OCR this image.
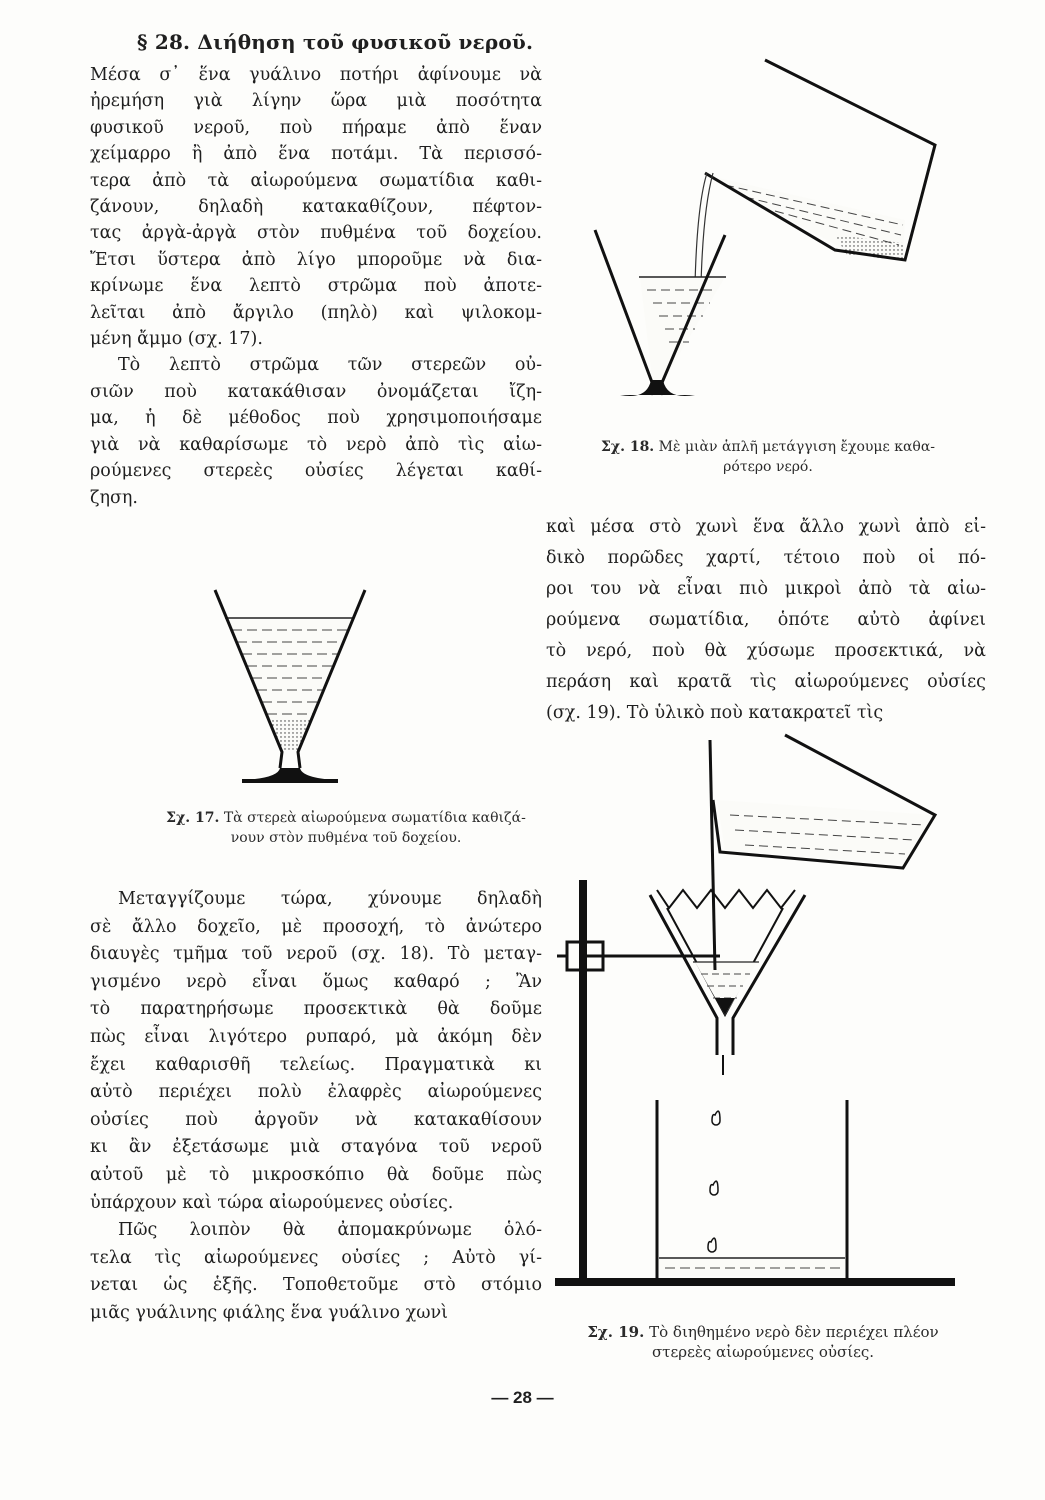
§ 28. Διήθηση τοῦ φυσικοῦ νεροῦ.
Μέσα σ᾽ ἕνα γυάλινο ποτήρι ἀφίνουμε νὰ
ἠρεμήση γιὰ λίγην ὥρα μιὰ ποσότητα
φυσικοῦ νεροῦ, ποὺ πήραμε ἀπὸ ἕναν
χείμαρρο ἢ ἀπὸ ἕνα ποτάμι. Τὰ περισσό-
τερα ἀπὸ τὰ αἰωρούμενα σωματίδια καθι-
ζάνουν, δηλαδὴ κατακαθίζουν, πέφτον-
τας ἀργὰ-ἀργὰ στὸν πυθμένα τοῦ δοχείου.
Ἔτσι ὕστερα ἀπὸ λίγο μποροῦμε νὰ δια-
κρίνωμε ἕνα λεπτὸ στρῶμα ποὺ ἀποτε-
λεῖται ἀπὸ ἄργιλο (πηλὸ) καὶ ψιλοκομ-
μένη ἄμμο (σχ. 17).
Τὸ λεπτὸ στρῶμα τῶν στερεῶν οὐ-
σιῶν ποὺ κατακάθισαν ὀνομάζεται ἴζη-
μα, ἡ δὲ μέθοδος ποὺ χρησιμοποιήσαμε
γιὰ νὰ καθαρίσωμε τὸ νερὸ ἀπὸ τὶς αἰω-
ρούμενες στερεὲς οὐσίες λέγεται καθί-
ζηση.
Σχ. 17. Τὰ στερεὰ αἰωρούμενα σωματίδια καθιζά-
νουν στὸν πυθμένα τοῦ δοχείου.
Μεταγγίζουμε τώρα, χύνουμε δηλαδὴ
σὲ ἄλλο δοχεῖο, μὲ προσοχή, τὸ ἀνώτερο
διαυγὲς τμῆμα τοῦ νεροῦ (σχ. 18). Τὸ μεταγ-
γισμένο νερὸ εἶναι ὅμως καθαρό ; Ἂν
τὸ παρατηρήσωμε προσεκτικὰ θὰ δοῦμε
πὼς εἶναι λιγότερο ρυπαρό, μὰ ἀκόμη δὲν
ἔχει καθαρισθῆ τελείως. Πραγματικὰ κι
αὐτὸ περιέχει πολὺ ἐλαφρὲς αἰωρούμενες
οὐσίες ποὺ ἀργοῦν νὰ κατακαθίσουν
κι ἂν ἐξετάσωμε μιὰ σταγόνα τοῦ νεροῦ
αὐτοῦ μὲ τὸ μικροσκόπιο θὰ δοῦμε πὼς
ὑπάρχουν καὶ τώρα αἰωρούμενες οὐσίες.
Πῶς λοιπὸν θὰ ἀπομακρύνωμε ὁλό-
τελα τὶς αἰωρούμενες οὐσίες ; Αὐτὸ γί-
νεται ὡς ἑξῆς. Τοποθετοῦμε στὸ στόμιο
μιᾶς γυάλινης φιάλης ἕνα γυάλινο χωνὶ
Σχ. 18. Μὲ μιὰν ἁπλῆ μετάγγιση ἔχουμε καθα-
ρότερο νερό.
καὶ μέσα στὸ χωνὶ ἕνα ἄλλο χωνὶ ἀπὸ εἰ-
δικὸ πορῶδες χαρτί, τέτοιο ποὺ οἱ πό-
ροι του νὰ εἶναι πιὸ μικροὶ ἀπὸ τὰ αἰω-
ρούμενα σωματίδια, ὁπότε αὐτὸ ἀφίνει
τὸ νερό, ποὺ θὰ χύσωμε προσεκτικά, νὰ
περάση καὶ κρατᾶ τὶς αἰωρούμενες οὐσίες
(σχ. 19). Τὸ ὑλικὸ ποὺ κατακρατεῖ τὶς
Σχ. 19. Τὸ διηθημένο νερὸ δὲν περιέχει πλέον
στερεὲς αἰωρούμενες οὐσίες.
— 28 —
